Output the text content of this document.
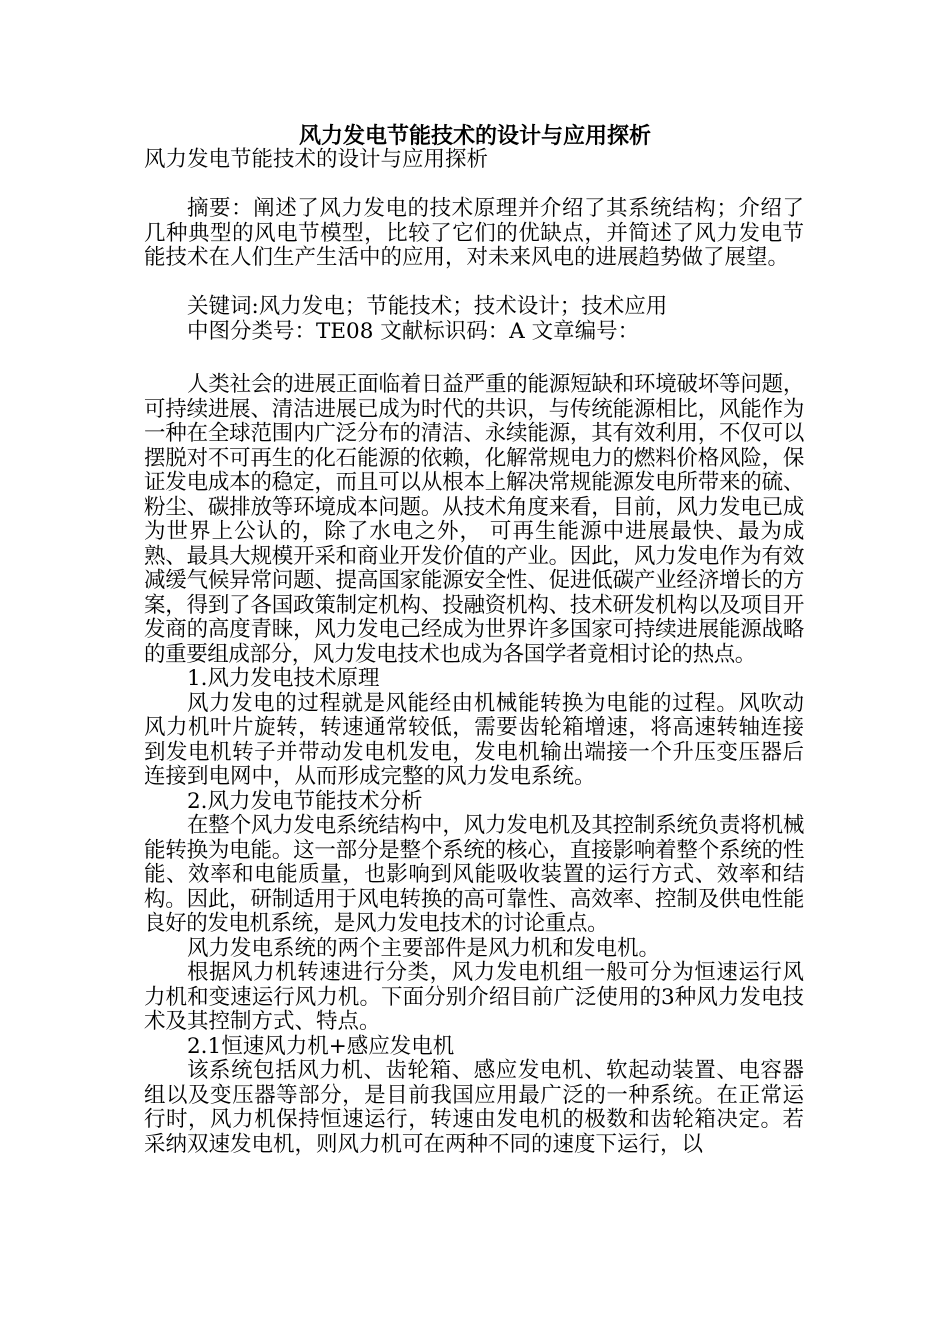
风力发电节能技术的设计与应用探析

风力发电节能技术的设计与应用探析

摘要：阐述了风力发电的技术原理并介绍了其系统结构；介绍了几种典型的风电节模型，比较了它们的优缺点，并简述了风力发电节能技术在人们生产生活中的应用，对未来风电的进展趋势做了展望。

关键词:风力发电；节能技术；技术设计；技术应用

中图分类号：TE08 文献标识码：A 文章编号：

人类社会的进展正面临着日益严重的能源短缺和环境破坏等问题，可持续进展、清洁进展已成为时代的共识，与传统能源相比，风能作为一种在全球范围内广泛分布的清洁、永续能源，其有效利用，不仅可以摆脱对不可再生的化石能源的依赖，化解常规电力的燃料价格风险，保证发电成本的稳定，而且可以从根本上解决常规能源发电所带来的硫、粉尘、碳排放等环境成本问题。从技术角度来看，目前，风力发电已成为世界上公认的，除了水电之外， 可再生能源中进展最快、最为成熟、最具大规模开采和商业开发价值的产业。因此，风力发电作为有效减缓气候异常问题、提高国家能源安全性、促进低碳产业经济增长的方案，得到了各国政策制定机构、投融资机构、技术研发机构以及项目开发商的高度青睐，风力发电己经成为世界许多国家可持续进展能源战略的重要组成部分，风力发电技术也成为各国学者竟相讨论的热点。

1.风力发电技术原理

风力发电的过程就是风能经由机械能转换为电能的过程。风吹动风力机叶片旋转，转速通常较低，需要齿轮箱增速，将高速转轴连接到发电机转子并带动发电机发电，发电机输出端接一个升压变压器后连接到电网中，从而形成完整的风力发电系统。

2.风力发电节能技术分析

在整个风力发电系统结构中，风力发电机及其控制系统负责将机械能转换为电能。这一部分是整个系统的核心，直接影响着整个系统的性能、效率和电能质量，也影响到风能吸收装置的运行方式、效率和结构。因此，研制适用于风电转换的高可靠性、高效率、控制及供电性能良好的发电机系统，是风力发电技术的讨论重点。

风力发电系统的两个主要部件是风力机和发电机。

根据风力机转速进行分类，风力发电机组一般可分为恒速运行风力机和变速运行风力机。下面分别介绍目前广泛使用的3种风力发电技术及其控制方式、特点。

2.1恒速风力机+感应发电机

该系统包括风力机、齿轮箱、感应发电机、软起动装置、电容器组以及变压器等部分，是目前我国应用最广泛的一种系统。在正常运行时，风力机保持恒速运行，转速由发电机的极数和齿轮箱决定。若采纳双速发电机，则风力机可在两种不同的速度下运行，以
